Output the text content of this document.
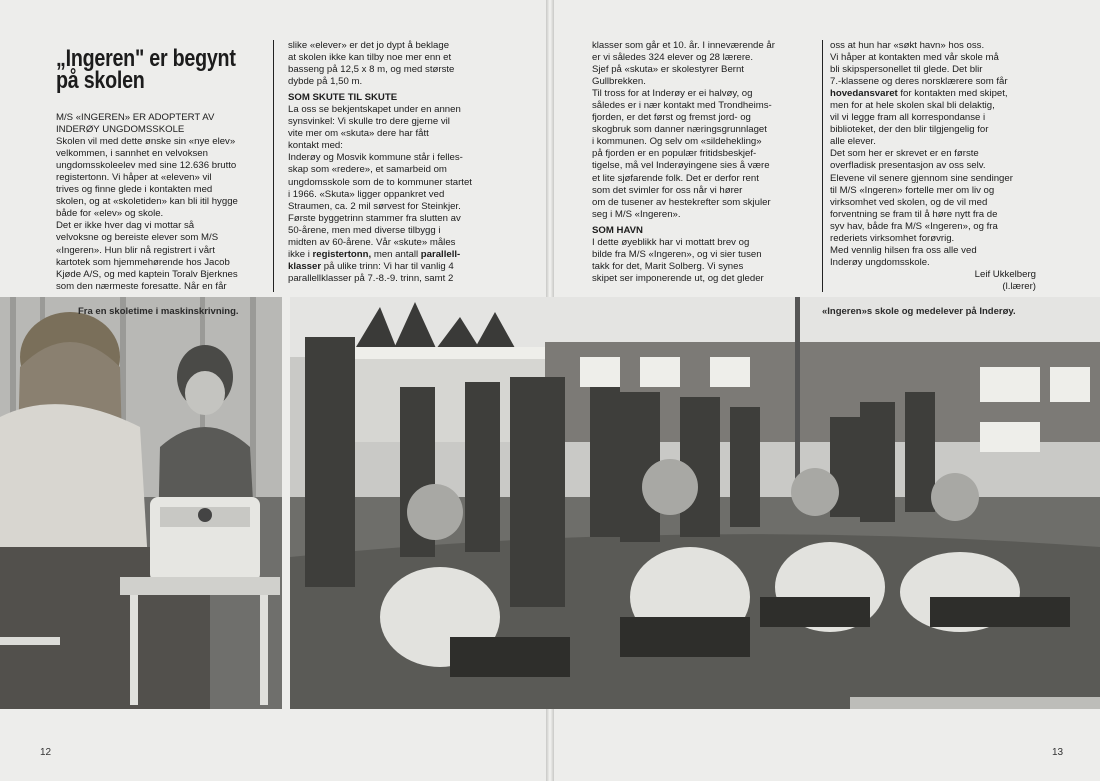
„Ingeren" er begynt
på skolen

M/S «INGEREN» ER ADOPTERT AV

INDERØY UNGDOMSSKOLE

Skolen vil med dette ønske sin «nye elev»

velkommen, i sannhet en velvoksen

ungdomsskoleelev med sine 12.636 brutto

registertonn. Vi håper at «eleven» vil

trives og finne glede i kontakten med

skolen, og at «skoletiden» kan bli itil hygge

både for «elev» og skole.

Det er ikke hver dag vi mottar så

velvoksne og bereiste elever som M/S

«Ingeren». Hun blir nå registrert i vårt

kartotek som hjemmehørende hos Jacob

Kjøde A/S, og med kaptein Toralv Bjerknes

som den nærmeste foresatte. Når en får

slike «elever» er det jo dypt å beklage

at skolen ikke kan tilby noe mer enn et

basseng på 12,5 x 8 m, og med største

dybde på 1,50 m.

SOM SKUTE TIL SKUTE

La oss se bekjentskapet under en annen

synsvinkel: Vi skulle tro dere gjerne vil

vite mer om «skuta» dere har fått

kontakt med:

Inderøy og Mosvik kommune står i felles-

skap som «redere», et samarbeid om

ungdomsskole som de to kommuner startet

i 1966. «Skuta» ligger oppankret ved

Straumen, ca. 2 mil sørvest for Steinkjer.

Første byggetrinn stammer fra slutten av

50-årene, men med diverse tilbygg i

midten av 60-årene. Vår «skute» måles

ikke i registertonn, men antall parallell-

klasser på ulike trinn: Vi har til vanlig 4

parallellklasser på 7.-8.-9. trinn, samt 2

klasser som går et 10. år. I inneværende år

er vi således 324 elever og 28 lærere.

Sjef på «skuta» er skolestyrer Bernt

Gullbrekken.

Til tross for at Inderøy er ei halvøy, og

således er i nær kontakt med Trondheims-

fjorden, er det først og fremst jord- og

skogbruk som danner næringsgrunnlaget

i kommunen. Og selv om «sildehekling»

på fjorden er en populær fritidsbeskjef-

tigelse, må vel Inderøyingene sies å være

et lite sjøfarende folk. Det er derfor rent

som det svimler for oss når vi hører

om de tusener av hestekrefter som skjuler

seg i M/S «Ingeren».

SOM HAVN

I dette øyeblikk har vi mottatt brev og

bilde fra M/S «Ingeren», og vi sier tusen

takk for det, Marit Solberg. Vi synes

skipet ser imponerende ut, og det gleder

oss at hun har «søkt havn» hos oss.

Vi håper at kontakten med vår skole må

bli skipspersonellet til glede. Det blir

7.-klassene og deres norsklærere som får

hovedansvaret for kontakten med skipet,

men for at hele skolen skal bli delaktig,

vil vi legge fram all korrespondanse i

biblioteket, der den blir tilgjengelig for

alle elever.

Det som her er skrevet er en første

overfladisk presentasjon av oss selv.

Elevene vil senere gjennom sine sendinger

til M/S «Ingeren» fortelle mer om liv og

virksomhet ved skolen, og de vil med

forventning se fram til å høre nytt fra de

syv hav, både fra M/S «Ingeren», og fra

rederiets virksomhet forøvrig.

Med vennlig hilsen fra oss alle ved

Inderøy ungdomsskole.

Leif Ukkelberg

(l.lærer)

Fra en skoletime i maskinskrivning.	«Ingeren»s skole og medelever på Inderøy.
12	13
